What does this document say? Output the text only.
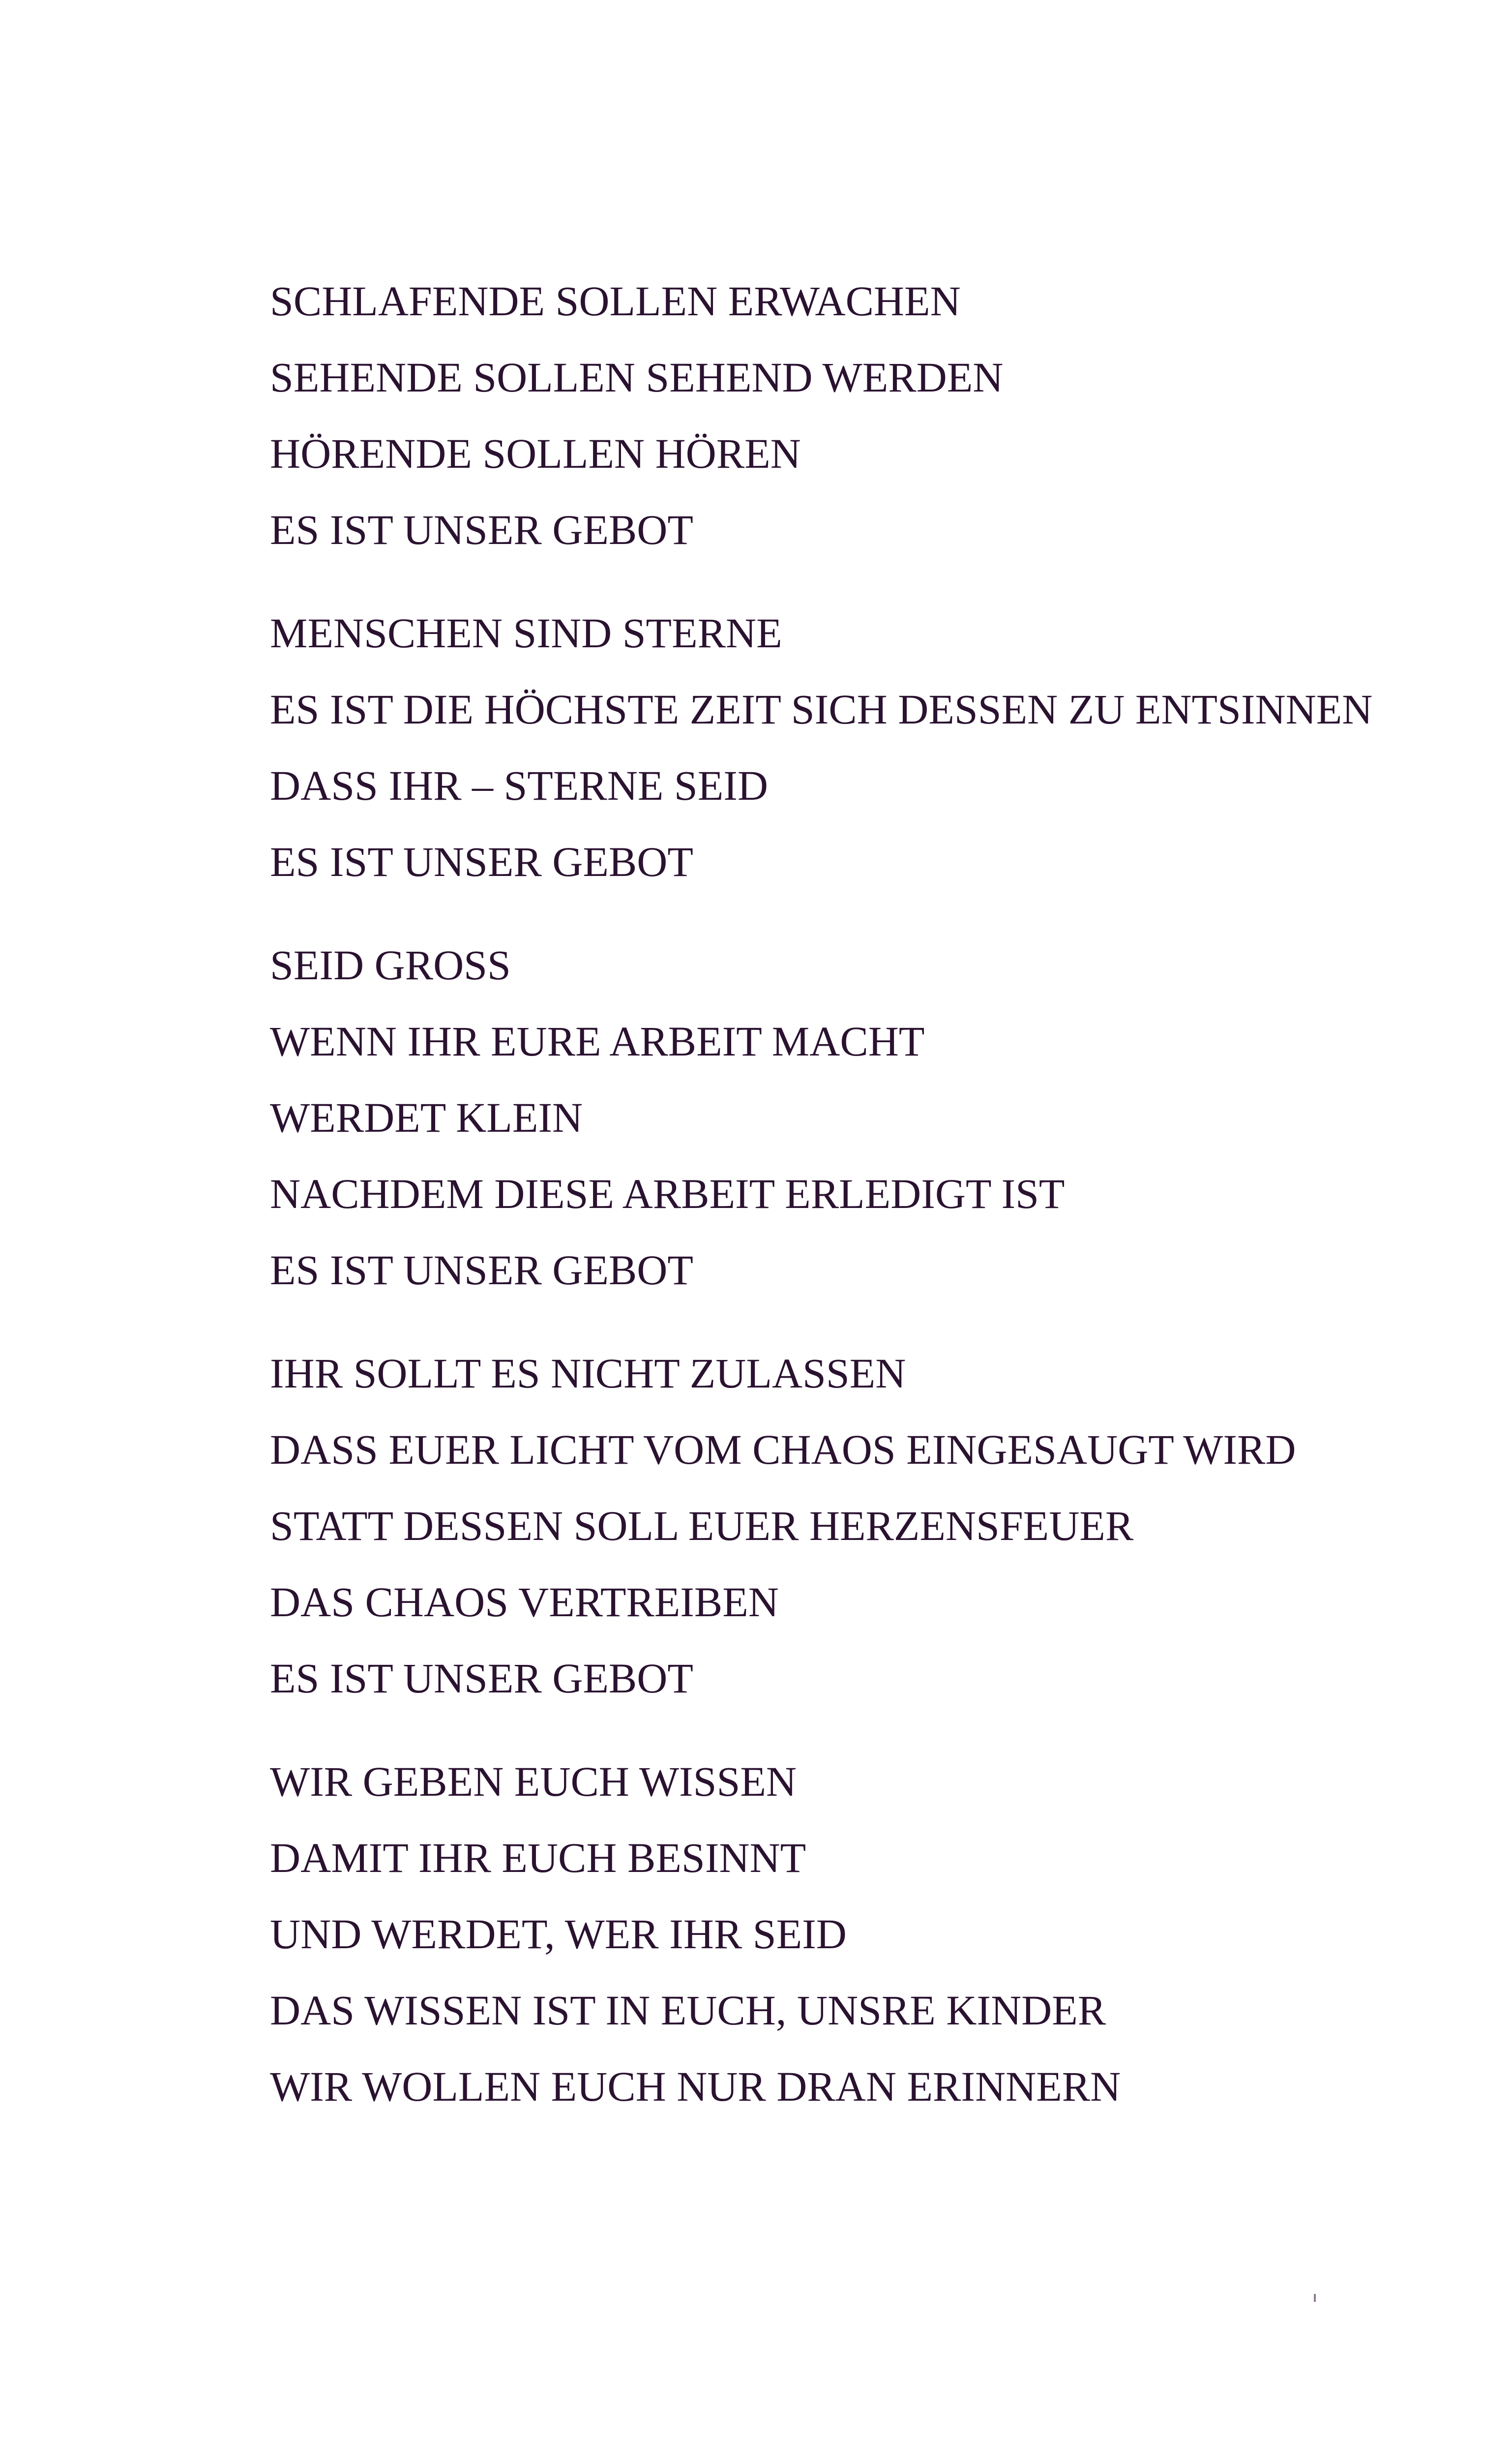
SCHLAFENDE SOLLEN ERWACHEN
SEHENDE SOLLEN SEHEND WERDEN
HÖRENDE SOLLEN HÖREN
ES IST UNSER GEBOT
MENSCHEN SIND STERNE
ES IST DIE HÖCHSTE ZEIT SICH DESSEN ZU ENTSINNEN
DASS IHR – STERNE SEID
ES IST UNSER GEBOT
SEID GROSS
WENN IHR EURE ARBEIT MACHT
WERDET KLEIN
NACHDEM DIESE ARBEIT ERLEDIGT IST
ES IST UNSER GEBOT
IHR SOLLT ES NICHT ZULASSEN
DASS EUER LICHT VOM CHAOS EINGESAUGT WIRD
STATT DESSEN SOLL EUER HERZENSFEUER
DAS CHAOS VERTREIBEN
ES IST UNSER GEBOT
WIR GEBEN EUCH WISSEN
DAMIT IHR EUCH BESINNT
UND WERDET, WER IHR SEID
DAS WISSEN IST IN EUCH, UNSRE KINDER
WIR WOLLEN EUCH NUR DRAN ERINNERN
